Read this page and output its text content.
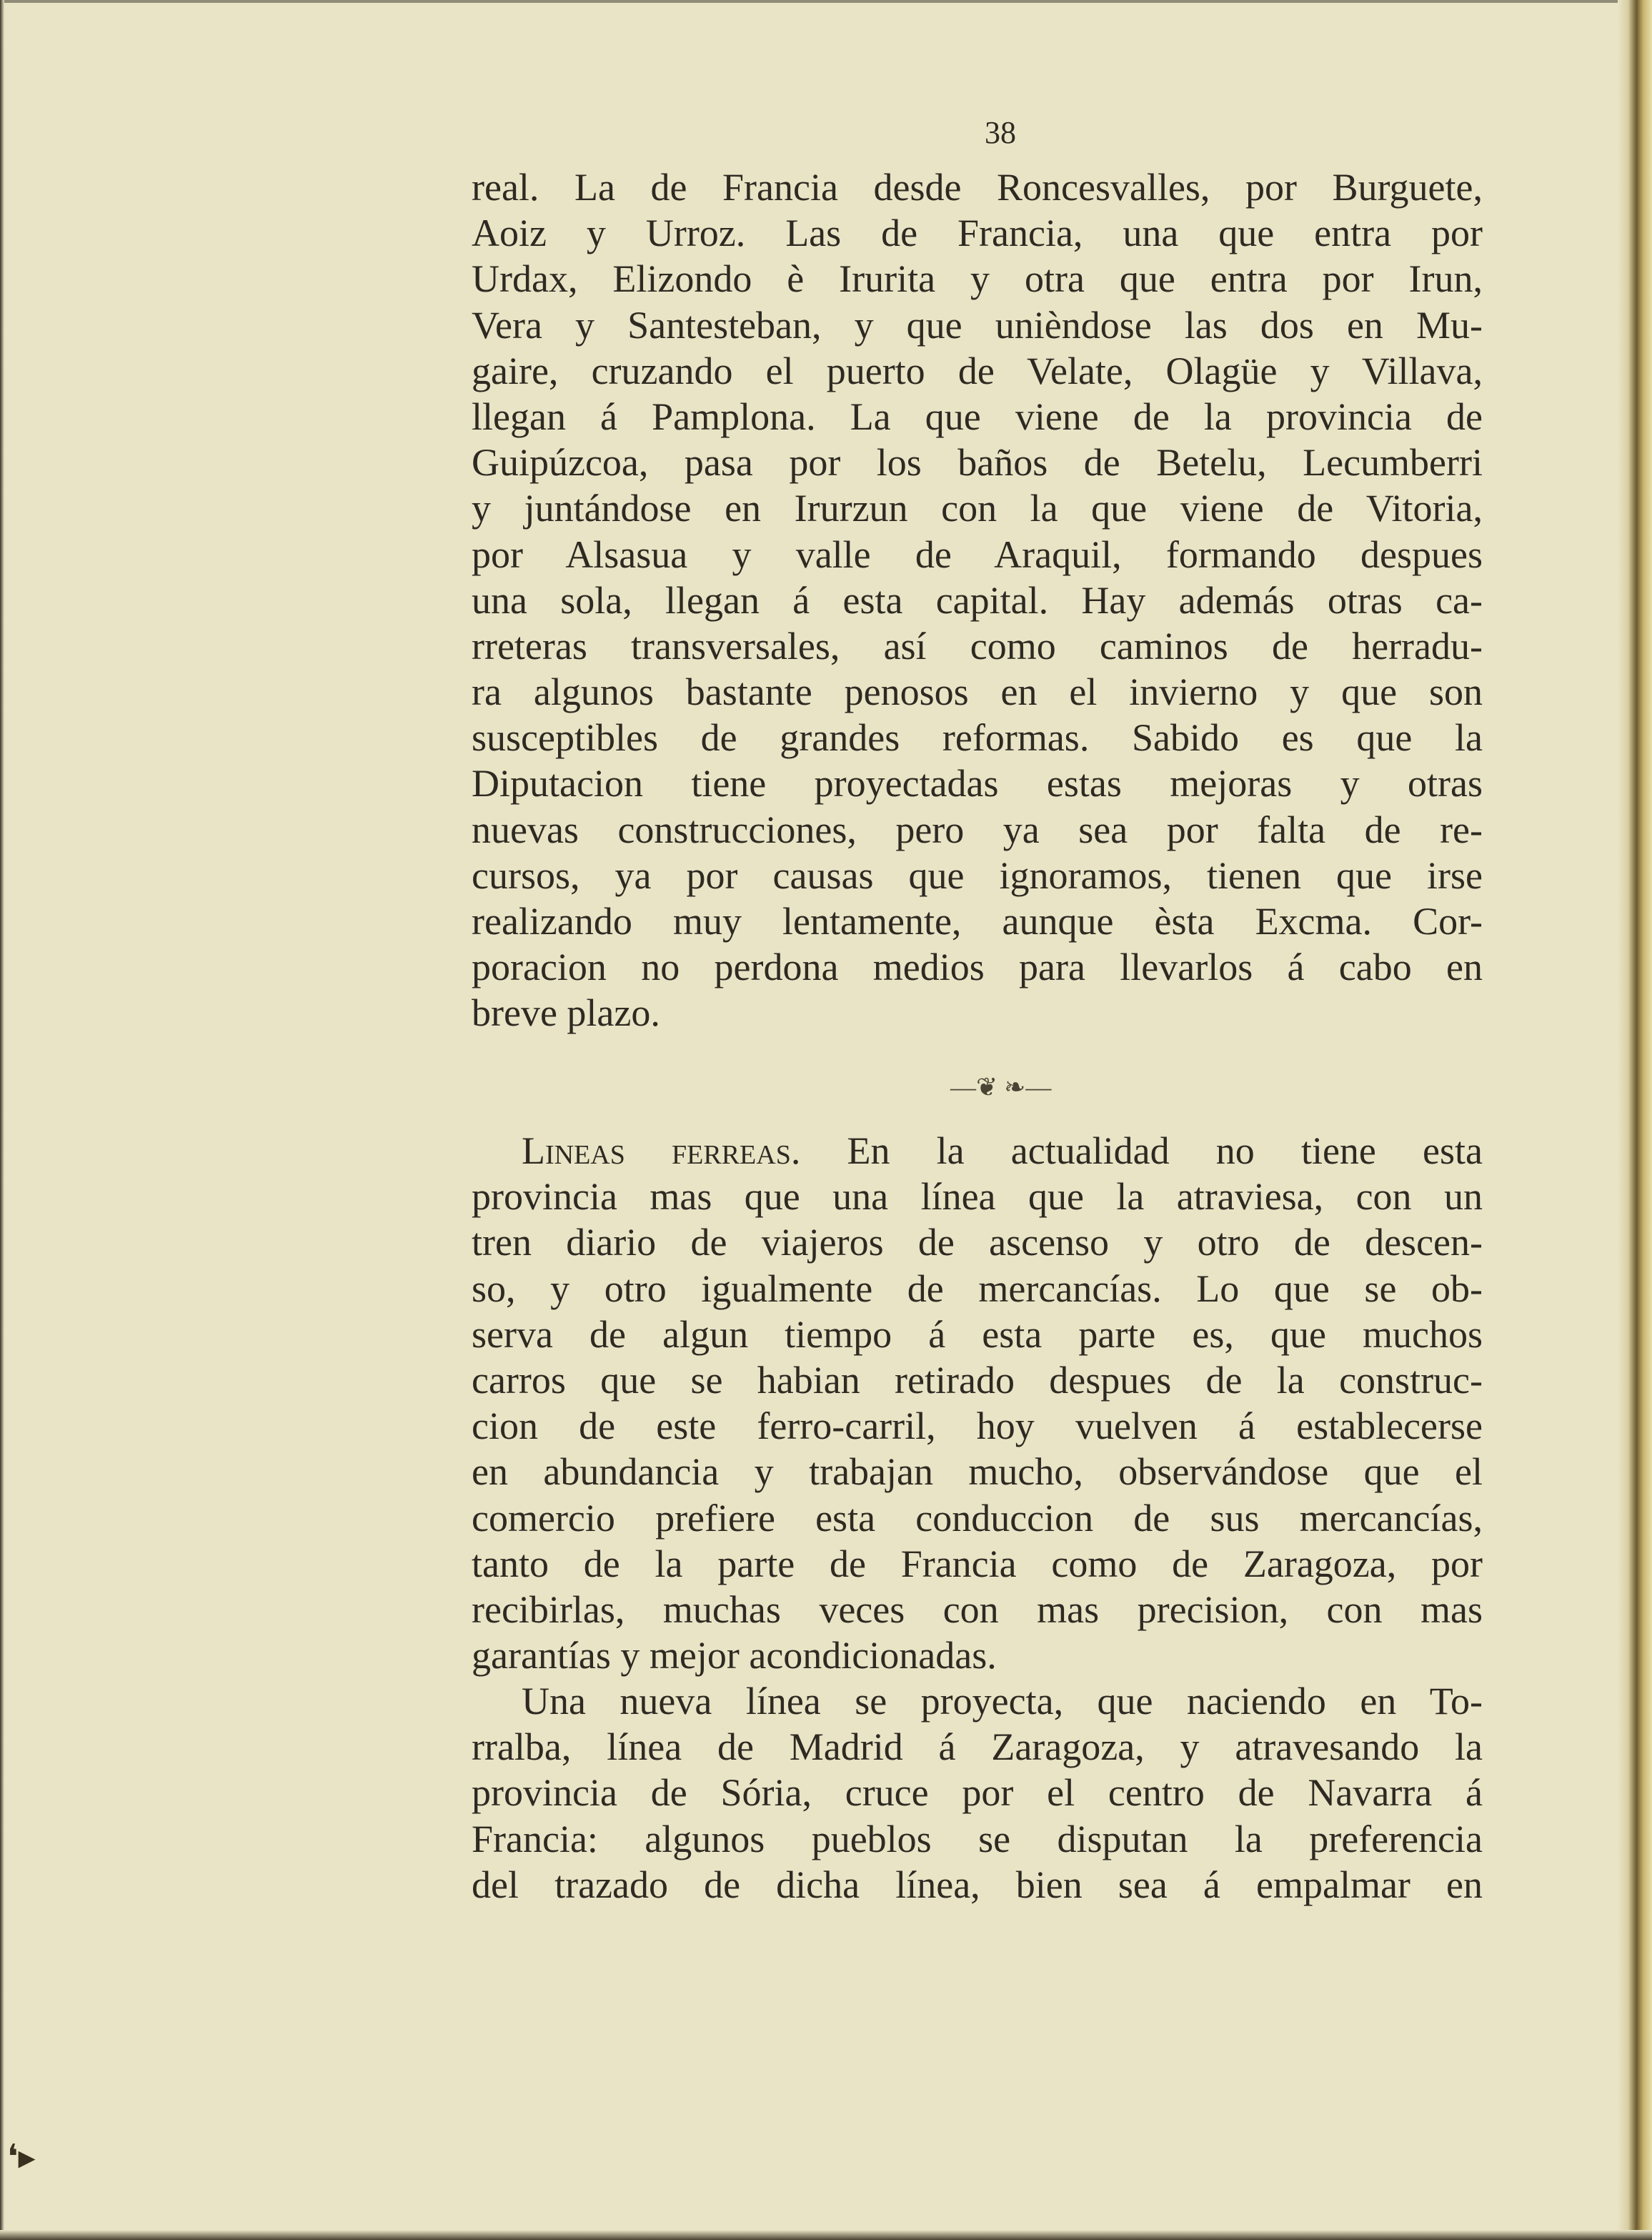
38
real. La de Francia desde Roncesvalles, por Burguete,
Aoiz y Urroz. Las de Francia, una que entra por
Urdax, Elizondo è Irurita y otra que entra por Irun,
Vera y Santesteban, y que unièndose las dos en Mu-
gaire, cruzando el puerto de Velate, Olagüe y Villava,
llegan á Pamplona. La que viene de la provincia de
Guipúzcoa, pasa por los baños de Betelu, Lecumberri
y juntándose en Irurzun con la que viene de Vitoria,
por Alsasua y valle de Araquil, formando despues
una sola, llegan á esta capital. Hay además otras ca-
rreteras transversales, así como caminos de herradu-
ra algunos bastante penosos en el invierno y que son
susceptibles de grandes reformas. Sabido es que la
Diputacion tiene proyectadas estas mejoras y otras
nuevas construcciones, pero ya sea por falta de re-
cursos, ya por causas que ignoramos, tienen que irse
realizando muy lentamente, aunque èsta Excma. Cor-
poracion no perdona medios para llevarlos á cabo en
breve plazo.
—❦ ❧—
Lineas ferreas. En la actualidad no tiene esta
provincia mas que una línea que la atraviesa, con un
tren diario de viajeros de ascenso y otro de descen-
so, y otro igualmente de mercancías. Lo que se ob-
serva de algun tiempo á esta parte es, que muchos
carros que se habian retirado despues de la construc-
cion de este ferro-carril, hoy vuelven á establecerse
en abundancia y trabajan mucho, observándose que el
comercio prefiere esta conduccion de sus mercancías,
tanto de la parte de Francia como de Zaragoza, por
recibirlas, muchas veces con mas precision, con mas
garantías y mejor acondicionadas.
Una nueva línea se proyecta, que naciendo en To-
rralba, línea de Madrid á Zaragoza, y atravesando la
provincia de Sória, cruce por el centro de Navarra á
Francia: algunos pueblos se disputan la preferencia
del trazado de dicha línea, bien sea á empalmar en
❛▸
